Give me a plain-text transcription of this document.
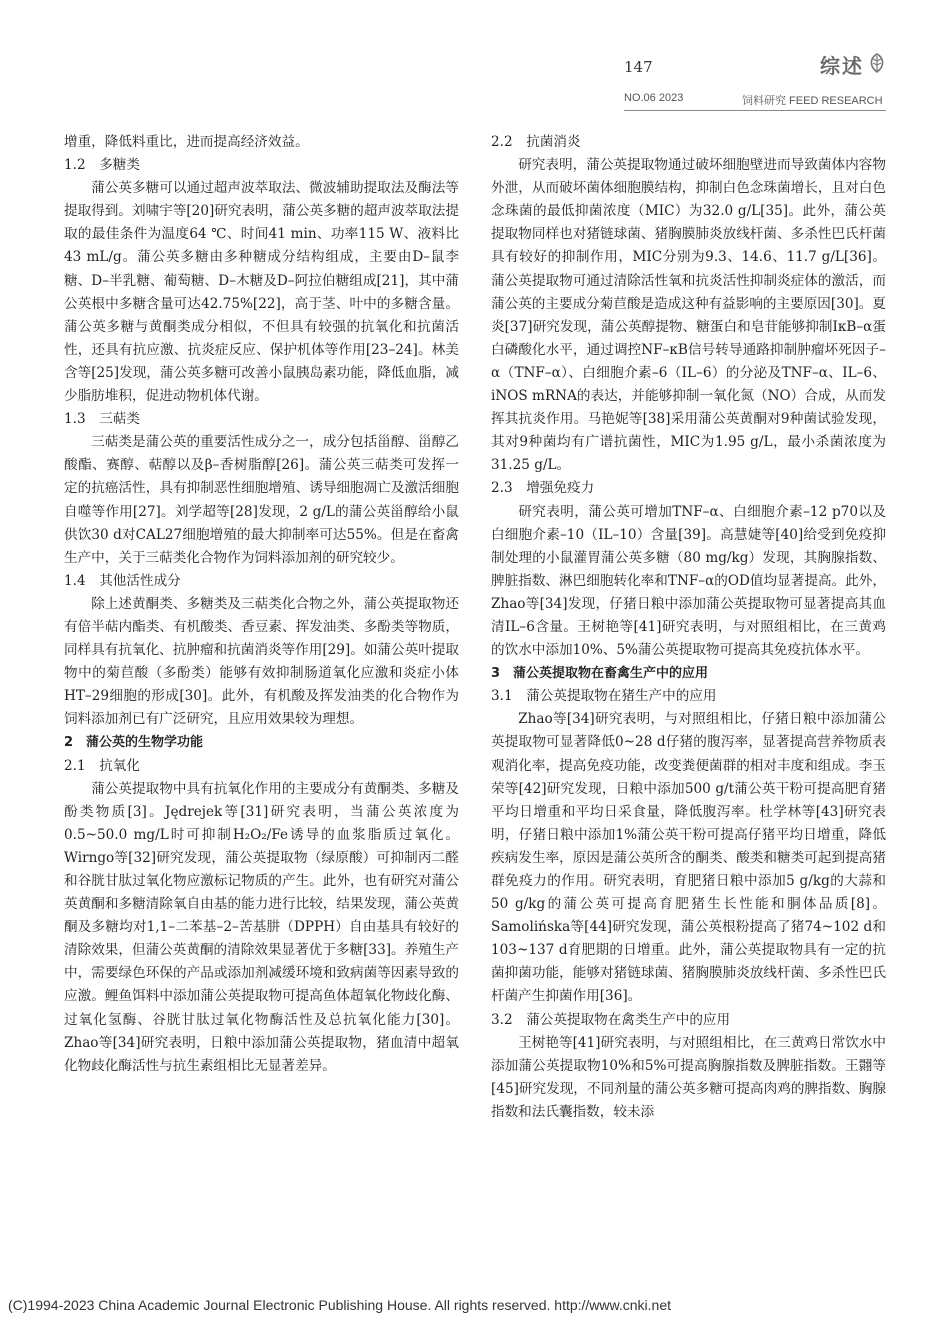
147	综述
NO.06 2023	饲料研究 FEED RESEARCH

增重，降低料重比，进而提高经济效益。

1.2　多糖类

蒲公英多糖可以通过超声波萃取法、微波辅助提取法及酶法等提取得到。刘啸宇等[20]研究表明，蒲公英多糖的超声波萃取法提取的最佳条件为温度64 ℃、时间41 min、功率115 W、液料比43 mL/g。蒲公英多糖由多种糖成分结构组成，主要由D–鼠李糖、D–半乳糖、葡萄糖、D–木糖及D–阿拉伯糖组成[21]，其中蒲公英根中多糖含量可达42.75%[22]，高于茎、叶中的多糖含量。蒲公英多糖与黄酮类成分相似，不但具有较强的抗氧化和抗菌活性，还具有抗应激、抗炎症反应、保护机体等作用[23–24]。林美含等[25]发现，蒲公英多糖可改善小鼠胰岛素功能，降低血脂，减少脂肪堆积，促进动物机体代谢。

1.3　三萜类

三萜类是蒲公英的重要活性成分之一，成分包括甾醇、甾醇乙酸酯、赛醇、萜醇以及β–香树脂醇[26]。蒲公英三萜类可发挥一定的抗癌活性，具有抑制恶性细胞增殖、诱导细胞凋亡及激活细胞自噬等作用[27]。刘学超等[28]发现，2 g/L的蒲公英甾醇给小鼠供饮30 d对CAL27细胞增殖的最大抑制率可达55%。但是在畜禽生产中，关于三萜类化合物作为饲料添加剂的研究较少。

1.4　其他活性成分

除上述黄酮类、多糖类及三萜类化合物之外，蒲公英提取物还有倍半萜内酯类、有机酸类、香豆素、挥发油类、多酚类等物质，同样具有抗氧化、抗肿瘤和抗菌消炎等作用[29]。如蒲公英叶提取物中的菊苣酸（多酚类）能够有效抑制肠道氧化应激和炎症小体HT–29细胞的形成[30]。此外，有机酸及挥发油类的化合物作为饲料添加剂已有广泛研究，且应用效果较为理想。

2　蒲公英的生物学功能

2.1　抗氧化

蒲公英提取物中具有抗氧化作用的主要成分有黄酮类、多糖及酚类物质[3]。Jędrejek等[31]研究表明，当蒲公英浓度为0.5~50.0 mg/L时可抑制H₂O₂/Fe诱导的血浆脂质过氧化。Wirngo等[32]研究发现，蒲公英提取物（绿原酸）可抑制丙二醛和谷胱甘肽过氧化物应激标记物质的产生。此外，也有研究对蒲公英黄酮和多糖清除氧自由基的能力进行比较，结果发现，蒲公英黄酮及多糖均对1,1–二苯基–2–苦基肼（DPPH）自由基具有较好的清除效果，但蒲公英黄酮的清除效果显著优于多糖[33]。养殖生产中，需要绿色环保的产品或添加剂减缓环境和致病菌等因素导致的应激。鲤鱼饵料中添加蒲公英提取物可提高鱼体超氧化物歧化酶、过氧化氢酶、谷胱甘肽过氧化物酶活性及总抗氧化能力[30]。Zhao等[34]研究表明，日粮中添加蒲公英提取物，猪血清中超氧化物歧化酶活性与抗生素组相比无显著差异。

2.2　抗菌消炎

研究表明，蒲公英提取物通过破坏细胞壁进而导致菌体内容物外泄，从而破坏菌体细胞膜结构，抑制白色念珠菌增长，且对白色念珠菌的最低抑菌浓度（MIC）为32.0 g/L[35]。此外，蒲公英提取物同样也对猪链球菌、猪胸膜肺炎放线杆菌、多杀性巴氏杆菌具有较好的抑制作用，MIC分别为9.3、14.6、11.7 g/L[36]。蒲公英提取物可通过清除活性氧和抗炎活性抑制炎症体的激活，而蒲公英的主要成分菊苣酸是造成这种有益影响的主要原因[30]。夏炎[37]研究发现，蒲公英醇提物、糖蛋白和皂苷能够抑制IκB–α蛋白磷酸化水平，通过调控NF–κB信号转导通路抑制肿瘤坏死因子–α（TNF–α）、白细胞介素–6（IL–6）的分泌及TNF–α、IL–6、iNOS mRNA的表达，并能够抑制一氧化氮（NO）合成，从而发挥其抗炎作用。马艳妮等[38]采用蒲公英黄酮对9种菌试验发现，其对9种菌均有广谱抗菌性，MIC为1.95 g/L，最小杀菌浓度为31.25 g/L。

2.3　增强免疫力

研究表明，蒲公英可增加TNF–α、白细胞介素–12 p70以及白细胞介素–10（IL–10）含量[39]。高慧婕等[40]给受到免疫抑制处理的小鼠灌胃蒲公英多糖（80 mg/kg）发现，其胸腺指数、脾脏指数、淋巴细胞转化率和TNF–α的OD值均显著提高。此外，Zhao等[34]发现，仔猪日粮中添加蒲公英提取物可显著提高其血清IL–6含量。王树艳等[41]研究表明，与对照组相比，在三黄鸡的饮水中添加10%、5%蒲公英提取物可提高其免疫抗体水平。

3　蒲公英提取物在畜禽生产中的应用

3.1　蒲公英提取物在猪生产中的应用

Zhao等[34]研究表明，与对照组相比，仔猪日粮中添加蒲公英提取物可显著降低0~28 d仔猪的腹泻率，显著提高营养物质表观消化率，提高免疫功能，改变粪便菌群的相对丰度和组成。李玉荣等[42]研究发现，日粮中添加500 g/t蒲公英干粉可提高肥育猪平均日增重和平均日采食量，降低腹泻率。杜学林等[43]研究表明，仔猪日粮中添加1%蒲公英干粉可提高仔猪平均日增重，降低疾病发生率，原因是蒲公英所含的酮类、酸类和糖类可起到提高猪群免疫力的作用。研究表明，育肥猪日粮中添加5 g/kg的大蒜和50 g/kg的蒲公英可提高育肥猪生长性能和胴体品质[8]。Samolińska等[44]研究发现，蒲公英根粉提高了猪74~102 d和103~137 d育肥期的日增重。此外，蒲公英提取物具有一定的抗菌抑菌功能，能够对猪链球菌、猪胸膜肺炎放线杆菌、多杀性巴氏杆菌产生抑菌作用[36]。

3.2　蒲公英提取物在禽类生产中的应用

王树艳等[41]研究表明，与对照组相比，在三黄鸡日常饮水中添加蒲公英提取物10%和5%可提高胸腺指数及脾脏指数。王翾等[45]研究发现，不同剂量的蒲公英多糖可提高肉鸡的脾指数、胸腺指数和法氏囊指数，较未添

(C)1994-2023 China Academic Journal Electronic Publishing House. All rights reserved. http://www.cnki.net
